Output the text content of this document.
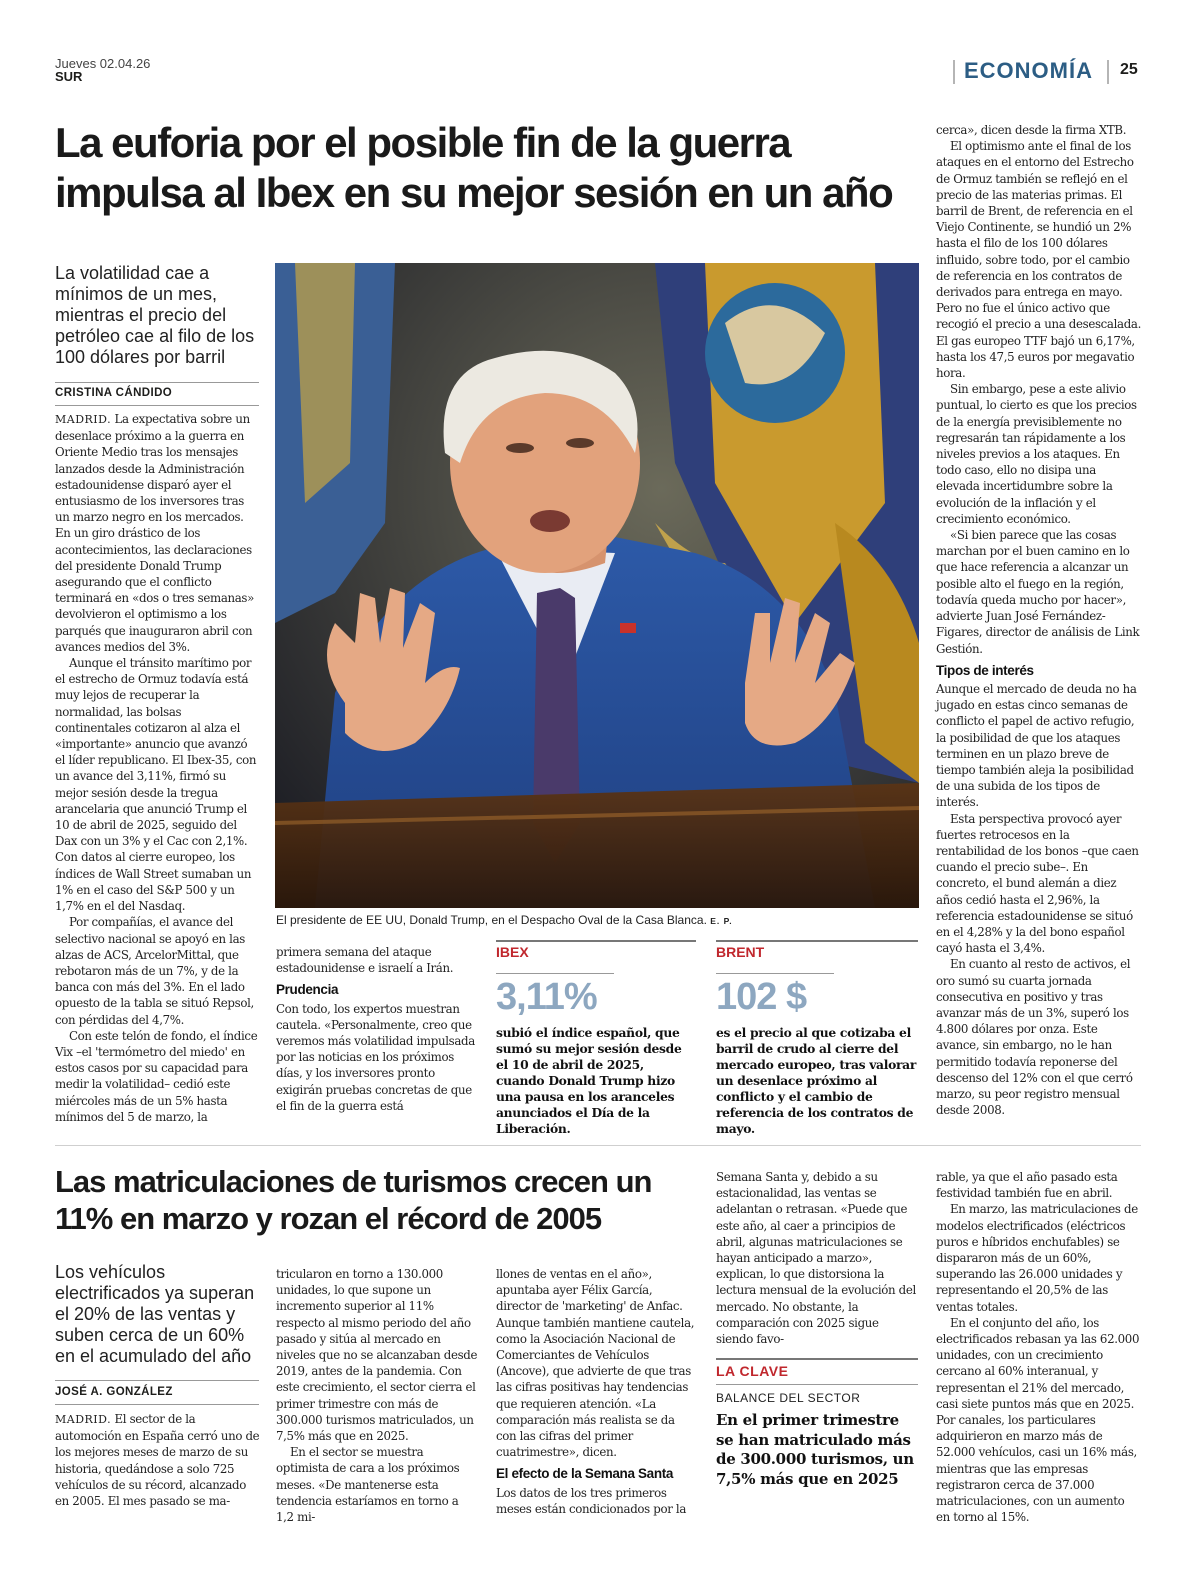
Jueves 02.04.26
SUR	ECONOMÍA 25
La euforia por el posible fin de la guerra impulsa al Ibex en su mejor sesión en un año
La volatilidad cae a mínimos de un mes, mientras el precio del petróleo cae al filo de los 100 dólares por barril
CRISTINA CÁNDIDO

MADRID. La expectativa sobre un desenlace próximo a la guerra en Oriente Medio tras los mensajes lanzados desde la Administración estadounidense disparó ayer el entusiasmo de los inversores tras un marzo negro en los mercados. En un giro drástico de los acontecimientos, las declaraciones del presidente Donald Trump asegurando que el conflicto terminará en «dos o tres semanas» devolvieron el optimismo a los parqués que inauguraron abril con avances medios del 3%.

Aunque el tránsito marítimo por el estrecho de Ormuz todavía está muy lejos de recuperar la normalidad, las bolsas continentales cotizaron al alza el «importante» anuncio que avanzó el líder republicano. El Ibex-35, con un avance del 3,11%, firmó su mejor sesión desde la tregua arancelaria que anunció Trump el 10 de abril de 2025, seguido del Dax con un 3% y el Cac con 2,1%. Con datos al cierre europeo, los índices de Wall Street sumaban un 1% en el caso del S&P 500 y un 1,7% en el del Nasdaq.

Por compañías, el avance del selectivo nacional se apoyó en las alzas de ACS, ArcelorMittal, que rebotaron más de un 7%, y de la banca con más del 3%. En el lado opuesto de la tabla se situó Repsol, con pérdidas del 4,7%.

Con este telón de fondo, el índice Vix –el 'termómetro del miedo' en estos casos por su capacidad para medir la volatilidad– cedió este miércoles más de un 5% hasta mínimos del 5 de marzo, la

El presidente de EE UU, Donald Trump, en el Despacho Oval de la Casa Blanca. E. P.

primera semana del ataque estadounidense e israelí a Irán.

Prudencia

Con todo, los expertos muestran cautela. «Personalmente, creo que veremos más volatilidad impulsada por las noticias en los próximos días, y los inversores pronto exigirán pruebas concretas de que el fin de la guerra está

IBEX
3,11%
subió el índice español, que sumó su mejor sesión desde el 10 de abril de 2025, cuando Donald Trump hizo una pausa en los aranceles anunciados el Día de la Liberación.
BRENT
102 $
es el precio al que cotizaba el barril de crudo al cierre del mercado europeo, tras valorar un desenlace próximo al conflicto y el cambio de referencia de los contratos de mayo.

cerca», dicen desde la firma XTB.

El optimismo ante el final de los ataques en el entorno del Estrecho de Ormuz también se reflejó en el precio de las materias primas. El barril de Brent, de referencia en el Viejo Continente, se hundió un 2% hasta el filo de los 100 dólares influido, sobre todo, por el cambio de referencia en los contratos de derivados para entrega en mayo. Pero no fue el único activo que recogió el precio a una desescalada. El gas europeo TTF bajó un 6,17%, hasta los 47,5 euros por megavatio hora.

Sin embargo, pese a este alivio puntual, lo cierto es que los precios de la energía previsiblemente no regresarán tan rápidamente a los niveles previos a los ataques. En todo caso, ello no disipa una elevada incertidumbre sobre la evolución de la inflación y el crecimiento económico.

«Si bien parece que las cosas marchan por el buen camino en lo que hace referencia a alcanzar un posible alto el fuego en la región, todavía queda mucho por hacer», advierte Juan José Fernández-Figares, director de análisis de Link Gestión.

Tipos de interés

Aunque el mercado de deuda no ha jugado en estas cinco semanas de conflicto el papel de activo refugio, la posibilidad de que los ataques terminen en un plazo breve de tiempo también aleja la posibilidad de una subida de los tipos de interés.

Esta perspectiva provocó ayer fuertes retrocesos en la rentabilidad de los bonos –que caen cuando el precio sube–. En concreto, el bund alemán a diez años cedió hasta el 2,96%, la referencia estadounidense se situó en el 4,28% y la del bono español cayó hasta el 3,4%.

En cuanto al resto de activos, el oro sumó su cuarta jornada consecutiva en positivo y tras avanzar más de un 3%, superó los 4.800 dólares por onza. Este avance, sin embargo, no le han permitido todavía reponerse del descenso del 12% con el que cerró marzo, su peor registro mensual desde 2008.

Las matriculaciones de turismos crecen un 11% en marzo y rozan el récord de 2005
Los vehículos electrificados ya superan el 20% de las ventas y suben cerca de un 60% en el acumulado del año
JOSÉ A. GONZÁLEZ

MADRID. El sector de la automoción en España cerró uno de los mejores meses de marzo de su historia, quedándose a solo 725 vehículos de su récord, alcanzado en 2005. El mes pasado se ma-

tricularon en torno a 130.000 unidades, lo que supone un incremento superior al 11% respecto al mismo periodo del año pasado y sitúa al mercado en niveles que no se alcanzaban desde 2019, antes de la pandemia. Con este crecimiento, el sector cierra el primer trimestre con más de 300.000 turismos matriculados, un 7,5% más que en 2025.

En el sector se muestra optimista de cara a los próximos meses. «De mantenerse esta tendencia estaríamos en torno a 1,2 mi-

llones de ventas en el año», apuntaba ayer Félix García, director de 'marketing' de Anfac. Aunque también mantiene cautela, como la Asociación Nacional de Comerciantes de Vehículos (Ancove), que advierte de que tras las cifras positivas hay tendencias que requieren atención. «La comparación más realista se da con las cifras del primer cuatrimestre», dicen.

El efecto de la Semana Santa

Los datos de los tres primeros meses están condicionados por la

Semana Santa y, debido a su estacionalidad, las ventas se adelantan o retrasan. «Puede que este año, al caer a principios de abril, algunas matriculaciones se hayan anticipado a marzo», explican, lo que distorsiona la lectura mensual de la evolución del mercado. No obstante, la comparación con 2025 sigue siendo favo-

LA CLAVE
BALANCE DEL SECTOR
En el primer trimestre se han matriculado más de 300.000 turismos, un 7,5% más que en 2025

rable, ya que el año pasado esta festividad también fue en abril.

En marzo, las matriculaciones de modelos electrificados (eléctricos puros e híbridos enchufables) se dispararon más de un 60%, superando las 26.000 unidades y representando el 20,5% de las ventas totales.

En el conjunto del año, los electrificados rebasan ya las 62.000 unidades, con un crecimiento cercano al 60% interanual, y representan el 21% del mercado, casi siete puntos más que en 2025. Por canales, los particulares adquirieron en marzo más de 52.000 vehículos, casi un 16% más, mientras que las empresas registraron cerca de 37.000 matriculaciones, con un aumento en torno al 15%.
